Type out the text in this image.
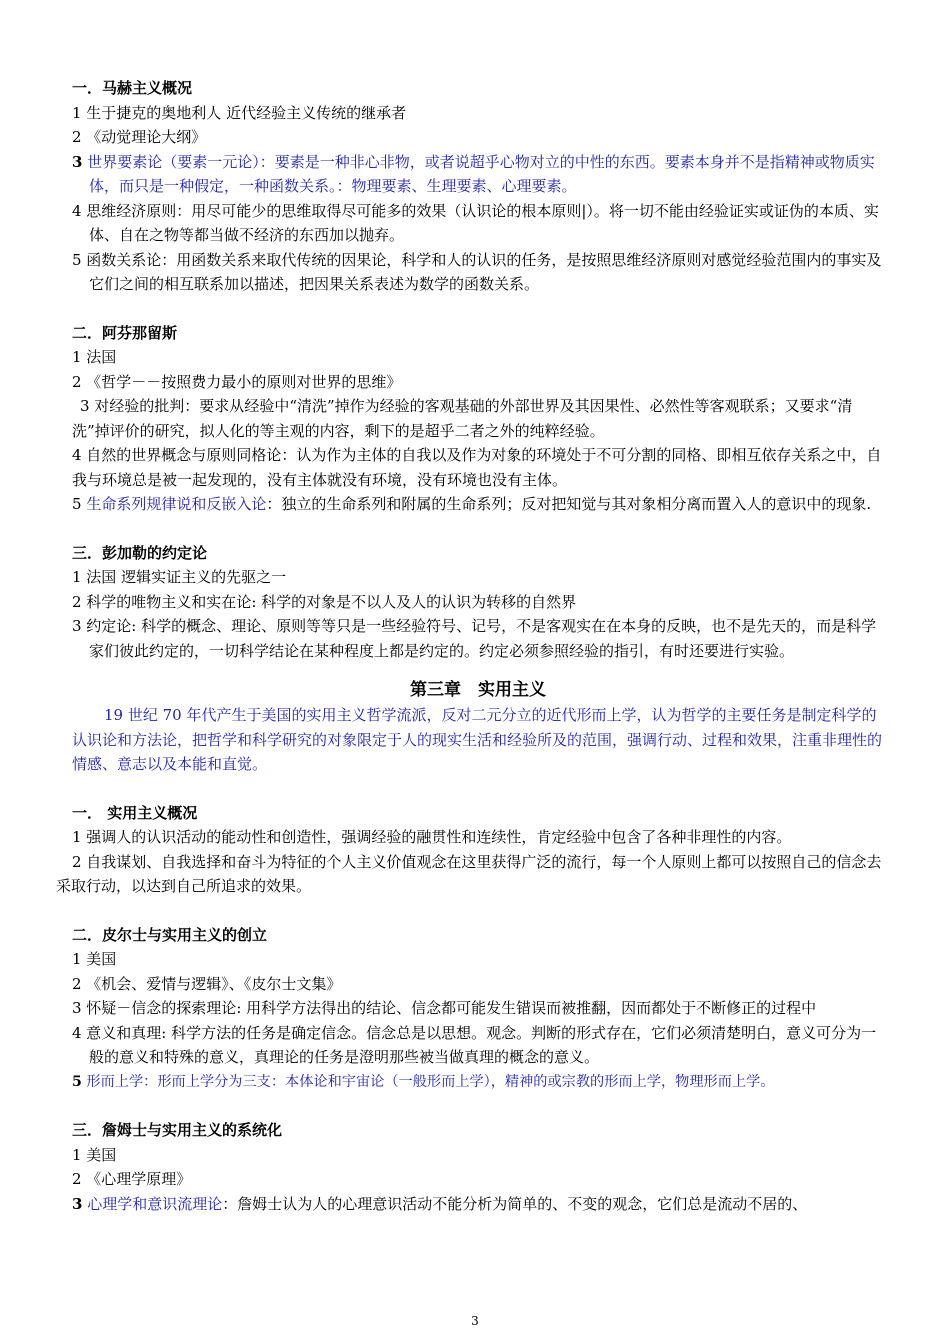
一．马赫主义概况

1 生于捷克的奥地利人 近代经验主义传统的继承者

2 《动觉理论大纲》

3 世界要素论（要素一元论）：要素是一种非心非物，或者说超乎心物对立的中性的东西。要素本身并不是指精神或物质实体，而只是一种假定，一种函数关系。：物理要素、生理要素、心理要素。

4 思维经济原则：用尽可能少的思维取得尽可能多的效果（认识论的根本原则|）。将一切不能由经验证实或证伪的本质、实体、自在之物等都当做不经济的东西加以抛弃。

5 函数关系论：用函数关系来取代传统的因果论，科学和人的认识的任务，是按照思维经济原则对感觉经验范围内的事实及它们之间的相互联系加以描述，把因果关系表述为数学的函数关系。

二．阿芬那留斯

1 法国

2 《哲学－－按照费力最小的原则对世界的思维》

3 对经验的批判：要求从经验中“清洗”掉作为经验的客观基础的外部世界及其因果性、必然性等客观联系；又要求“清洗”掉评价的研究，拟人化的等主观的内容，剩下的是超乎二者之外的纯粹经验。

4 自然的世界概念与原则同格论：认为作为主体的自我以及作为对象的环境处于不可分割的同格、即相互依存关系之中，自我与环境总是被一起发现的，没有主体就没有环境，没有环境也没有主体。

5 生命系列规律说和反嵌入论：独立的生命系列和附属的生命系列；反对把知觉与其对象相分离而置入人的意识中的现象.

三．彭加勒的约定论

1 法国 逻辑实证主义的先驱之一

2 科学的唯物主义和实在论: 科学的对象是不以人及人的认识为转移的自然界

3 约定论: 科学的概念、理论、原则等等只是一些经验符号、记号，不是客观实在在本身的反映，也不是先天的，而是科学家们彼此约定的，一切科学结论在某种程度上都是约定的。约定必须参照经验的指引，有时还要进行实验。

第三章　实用主义

19 世纪 70 年代产生于美国的实用主义哲学流派，反对二元分立的近代形而上学，认为哲学的主要任务是制定科学的认识论和方法论，把哲学和科学研究的对象限定于人的现实生活和经验所及的范围，强调行动、过程和效果，注重非理性的情感、意志以及本能和直觉。

一． 实用主义概况

1 强调人的认识活动的能动性和创造性，强调经验的融贯性和连续性，肯定经验中包含了各种非理性的内容。

2 自我谋划、自我选择和奋斗为特征的个人主义价值观念在这里获得广泛的流行，每一个人原则上都可以按照自己的信念去采取行动，以达到自己所追求的效果。

二．皮尔士与实用主义的创立

1 美国

2 《机会、爱情与逻辑》、《皮尔士文集》

3 怀疑－信念的探索理论: 用科学方法得出的结论、信念都可能发生错误而被推翻，因而都处于不断修正的过程中

4 意义和真理: 科学方法的任务是确定信念。信念总是以思想。观念。判断的形式存在，它们必须清楚明白，意义可分为一般的意义和特殊的意义，真理论的任务是澄明那些被当做真理的概念的意义。

5 形而上学：形而上学分为三支：本体论和宇宙论（一般形而上学），精神的或宗教的形而上学，物理形而上学。

三．詹姆士与实用主义的系统化

1 美国

2 《心理学原理》

3 心理学和意识流理论：詹姆士认为人的心理意识活动不能分析为简单的、不变的观念，它们总是流动不居的、

3
